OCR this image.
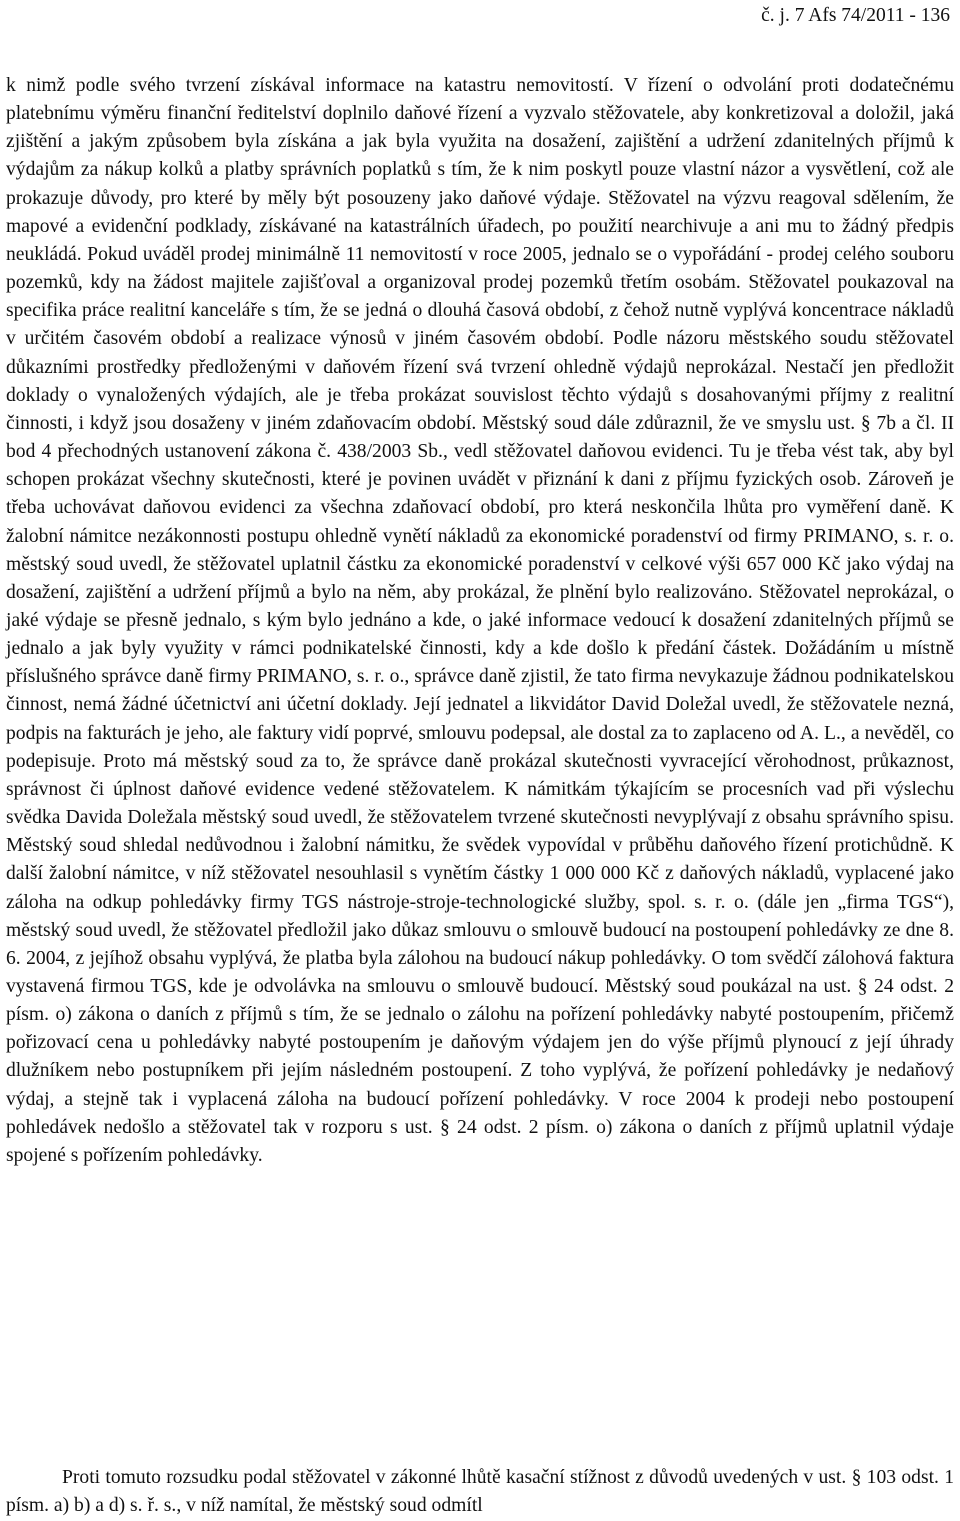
č. j. 7 Afs 74/2011 - 136

k nimž podle svého tvrzení získával informace na katastru nemovitostí. V řízení o odvolání proti dodatečnému platebnímu výměru finanční ředitelství doplnilo daňové řízení a vyzvalo stěžovatele, aby konkretizoval a doložil, jaká zjištění a jakým způsobem byla získána a jak byla využita na dosažení, zajištění a udržení zdanitelných příjmů k výdajům za nákup kolků a platby správních poplatků s tím, že k nim poskytl pouze vlastní názor a vysvětlení, což ale prokazuje důvody, pro které by měly být posouzeny jako daňové výdaje. Stěžovatel na výzvu reagoval sdělením, že mapové a evidenční podklady, získávané na katastrálních úřadech, po použití nearchivuje a ani mu to žádný předpis neukládá. Pokud uváděl prodej minimálně 11 nemovitostí v roce 2005, jednalo se o vypořádání - prodej celého souboru pozemků, kdy na žádost majitele zajišťoval a organizoval prodej pozemků třetím osobám. Stěžovatel poukazoval na specifika práce realitní kanceláře s tím, že se jedná o dlouhá časová období, z čehož nutně vyplývá koncentrace nákladů v určitém časovém období a realizace výnosů v jiném časovém období. Podle názoru městského soudu stěžovatel důkazními prostředky předloženými v daňovém řízení svá tvrzení ohledně výdajů neprokázal. Nestačí jen předložit doklady o vynaložených výdajích, ale je třeba prokázat souvislost těchto výdajů s dosahovanými příjmy z realitní činnosti, i když jsou dosaženy v jiném zdaňovacím období. Městský soud dále zdůraznil, že ve smyslu ust. § 7b a čl. II bod 4 přechodných ustanovení zákona č. 438/2003 Sb., vedl stěžovatel daňovou evidenci. Tu je třeba vést tak, aby byl schopen prokázat všechny skutečnosti, které je povinen uvádět v přiznání k dani z příjmu fyzických osob. Zároveň je třeba uchovávat daňovou evidenci za všechna zdaňovací období, pro která neskončila lhůta pro vyměření daně. K žalobní námitce nezákonnosti postupu ohledně vynětí nákladů za ekonomické poradenství od firmy PRIMANO, s. r. o. městský soud uvedl, že stěžovatel uplatnil částku za ekonomické poradenství v celkové výši 657 000 Kč jako výdaj na dosažení, zajištění a udržení příjmů a bylo na něm, aby prokázal, že plnění bylo realizováno. Stěžovatel neprokázal, o jaké výdaje se přesně jednalo, s kým bylo jednáno a kde, o jaké informace vedoucí k dosažení zdanitelných příjmů se jednalo a jak byly využity v rámci podnikatelské činnosti, kdy a kde došlo k předání částek. Dožádáním u místně příslušného správce daně firmy PRIMANO, s. r. o., správce daně zjistil, že tato firma nevykazuje žádnou podnikatelskou činnost, nemá žádné účetnictví ani účetní doklady. Její jednatel a likvidátor David Doležal uvedl, že stěžovatele nezná, podpis na fakturách je jeho, ale faktury vidí poprvé, smlouvu podepsal, ale dostal za to zaplaceno od A. L., a nevěděl, co podepisuje. Proto má městský soud za to, že správce daně prokázal skutečnosti vyvracející věrohodnost, průkaznost, správnost či úplnost daňové evidence vedené stěžovatelem. K námitkám týkajícím se procesních vad při výslechu svědka Davida Doležala městský soud uvedl, že stěžovatelem tvrzené skutečnosti nevyplývají z obsahu správního spisu. Městský soud shledal nedůvodnou i žalobní námitku, že svědek vypovídal v průběhu daňového řízení protichůdně. K další žalobní námitce, v níž stěžovatel nesouhlasil s vynětím částky 1 000 000 Kč z daňových nákladů, vyplacené jako záloha na odkup pohledávky firmy TGS nástroje-stroje-technologické služby, spol. s. r. o. (dále jen „firma TGS“), městský soud uvedl, že stěžovatel předložil jako důkaz smlouvu o smlouvě budoucí na postoupení pohledávky ze dne 8. 6. 2004, z jejíhož obsahu vyplývá, že platba byla zálohou na budoucí nákup pohledávky. O tom svědčí zálohová faktura vystavená firmou TGS, kde je odvolávka na smlouvu o smlouvě budoucí. Městský soud poukázal na ust. § 24 odst. 2 písm. o) zákona o daních z příjmů s tím, že se jednalo o zálohu na pořízení pohledávky nabyté postoupením, přičemž pořizovací cena u pohledávky nabyté postoupením je daňovým výdajem jen do výše příjmů plynoucí z její úhrady dlužníkem nebo postupníkem při jejím následném postoupení. Z toho vyplývá, že pořízení pohledávky je nedaňový výdaj, a stejně tak i vyplacená záloha na budoucí pořízení pohledávky. V roce 2004 k prodeji nebo postoupení pohledávek nedošlo a stěžovatel tak v rozporu s ust. § 24 odst. 2 písm. o) zákona o daních z příjmů uplatnil výdaje spojené s pořízením pohledávky.

Proti tomuto rozsudku podal stěžovatel v zákonné lhůtě kasační stížnost z důvodů uvedených v ust. § 103 odst. 1 písm. a) b) a d) s. ř. s., v níž namítal, že městský soud odmítl
